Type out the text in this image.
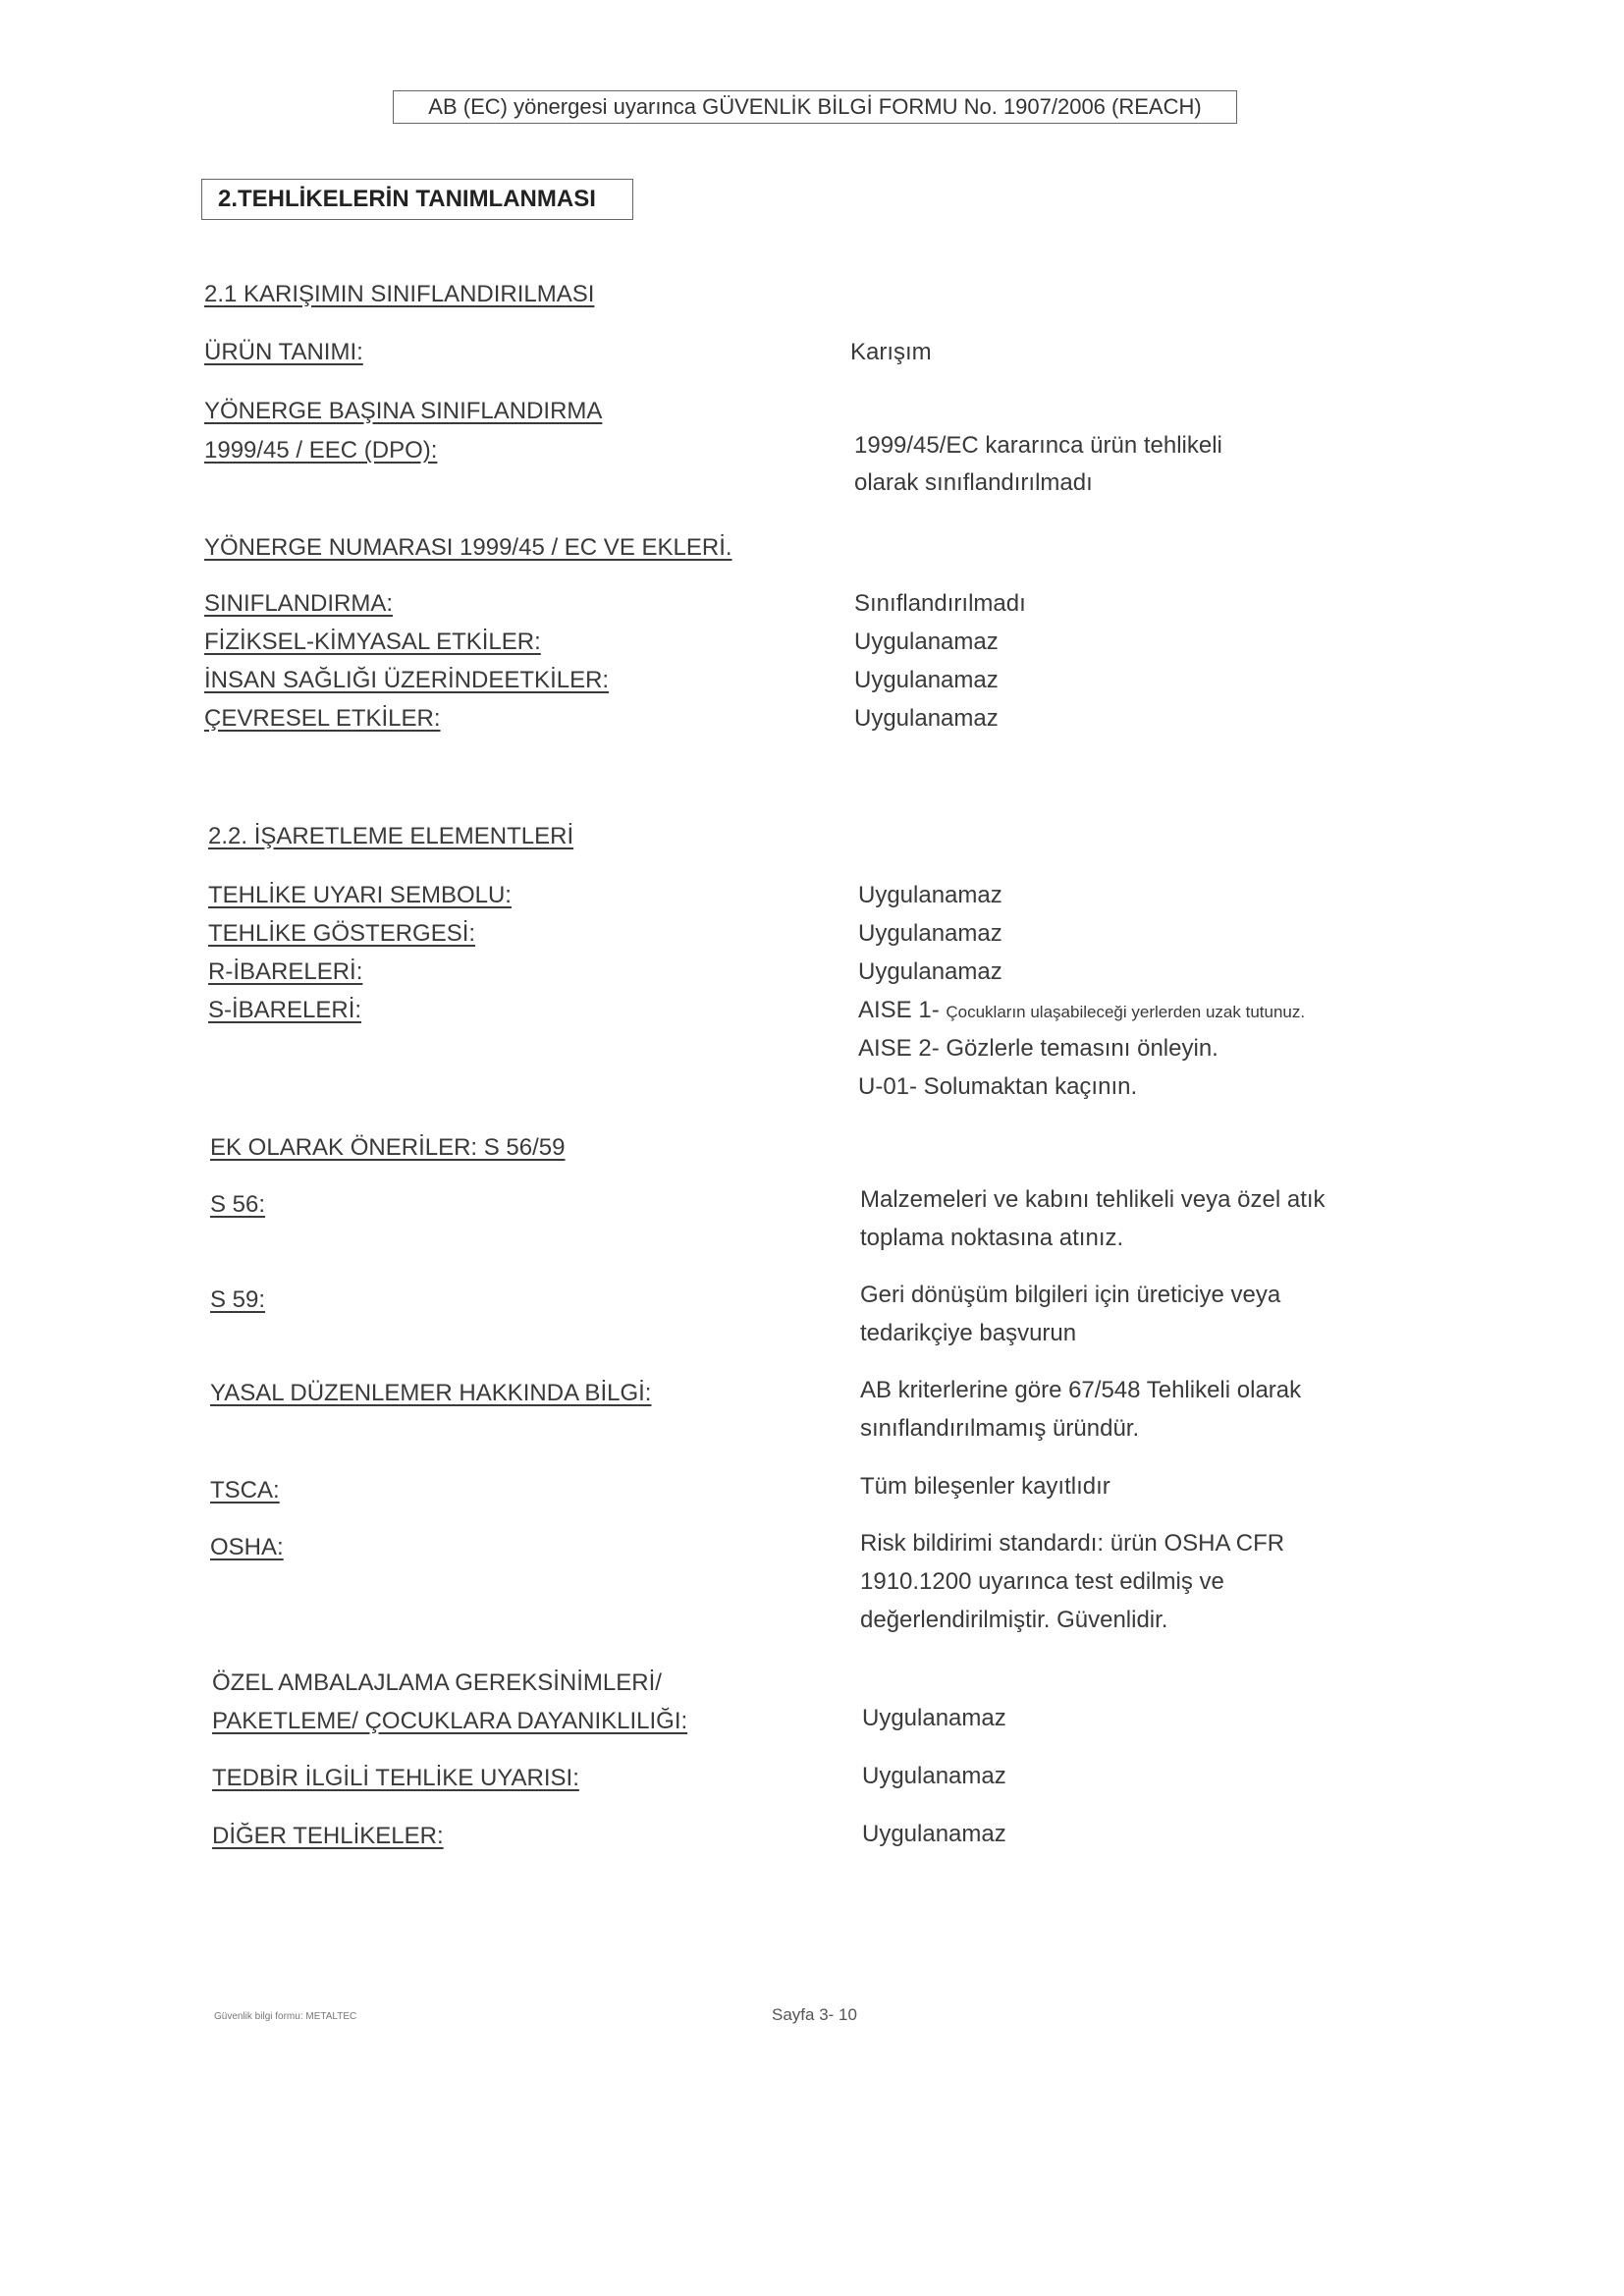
AB (EC) yönergesi uyarınca GÜVENLİK BİLGİ FORMU No. 1907/2006 (REACH)
2.TEHLİKELERİN TANIMLANMASI
2.1 KARIŞIMIN SINIFLANDIRILMASI
ÜRÜN TANIMI:	Karışım
YÖNERGE BAŞINA SINIFLANDIRMA
1999/45 / EEC (DPO):	1999/45/EC kararınca ürün tehlikeli
olarak sınıflandırılmadı
YÖNERGE NUMARASI 1999/45 / EC VE EKLERİ.
SINIFLANDIRMA:	Sınıflandırılmadı
FİZİKSEL-KİMYASAL ETKİLER:	Uygulanamaz
İNSAN SAĞLIĞI ÜZERİNDEETKİLER:	Uygulanamaz
ÇEVRESEL ETKİLER:	Uygulanamaz
2.2. İŞARETLEME ELEMENTLERİ
TEHLİKE UYARI SEMBOLU:	Uygulanamaz
TEHLİKE GÖSTERGESİ:	Uygulanamaz
R-İBARELERİ:	Uygulanamaz
S-İBARELERİ:	AISE 1- Çocukların ulaşabileceği yerlerden uzak tutunuz.
AISE 2- Gözlerle temasını önleyin.
U-01- Solumaktan kaçının.
EK OLARAK ÖNERİLER: S 56/59
S 56:	Malzemeleri ve kabını tehlikeli veya özel atık
toplama noktasına atınız.
S 59:	Geri dönüşüm bilgileri için üreticiye veya
tedarikçiye başvurun
YASAL DÜZENLEMER HAKKINDA BİLGİ:	AB kriterlerine göre 67/548 Tehlikeli olarak
sınıflandırılmamış üründür.
TSCA:	Tüm bileşenler kayıtlıdır
OSHA:	Risk bildirimi standardı: ürün OSHA CFR
1910.1200 uyarınca test edilmiş ve
değerlendirilmiştir. Güvenlidir.
ÖZEL AMBALAJLAMA GEREKSİNİMLERİ/
PAKETLEME/ ÇOCUKLARA DAYANIKLILIĞI:	Uygulanamaz
TEDBİR İLGİLİ TEHLİKE UYARISI:	Uygulanamaz
DİĞER TEHLİKELER:	Uygulanamaz
Güvenlik bilgi formu: METALTEC	Sayfa 3- 10
